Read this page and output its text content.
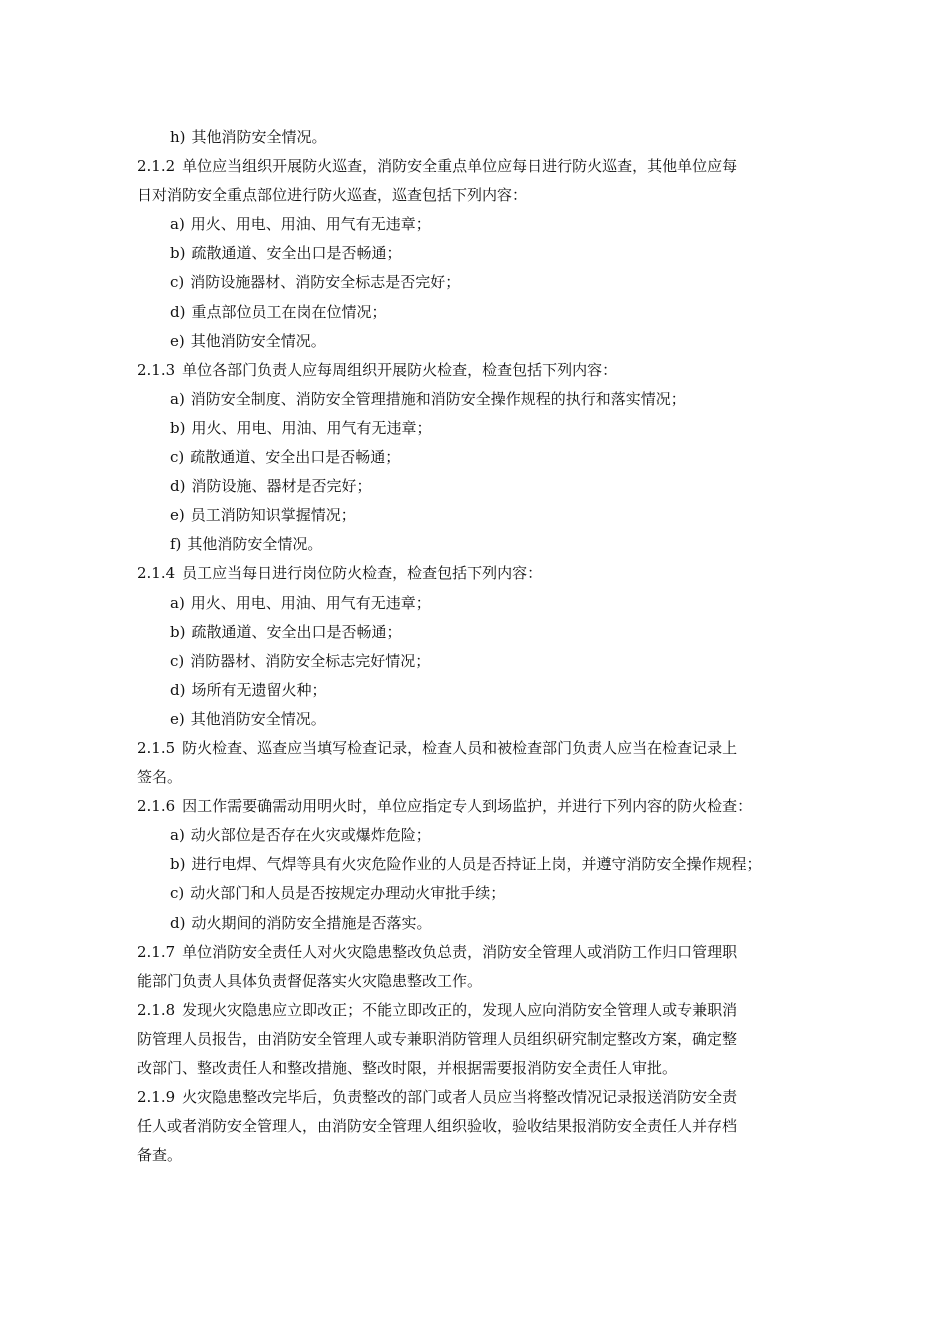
h) 其他消防安全情况。
2.1.2 单位应当组织开展防火巡查，消防安全重点单位应每日进行防火巡查，其他单位应每
日对消防安全重点部位进行防火巡查，巡查包括下列内容：
a) 用火、用电、用油、用气有无违章；
b) 疏散通道、安全出口是否畅通；
c) 消防设施器材、消防安全标志是否完好；
d) 重点部位员工在岗在位情况；
e) 其他消防安全情况。
2.1.3 单位各部门负责人应每周组织开展防火检查，检查包括下列内容：
a) 消防安全制度、消防安全管理措施和消防安全操作规程的执行和落实情况；
b) 用火、用电、用油、用气有无违章；
c) 疏散通道、安全出口是否畅通；
d) 消防设施、器材是否完好；
e) 员工消防知识掌握情况；
f) 其他消防安全情况。
2.1.4 员工应当每日进行岗位防火检查，检查包括下列内容：
a) 用火、用电、用油、用气有无违章；
b) 疏散通道、安全出口是否畅通；
c) 消防器材、消防安全标志完好情况；
d) 场所有无遗留火种；
e) 其他消防安全情况。
2.1.5 防火检查、巡查应当填写检查记录，检查人员和被检查部门负责人应当在检查记录上
签名。
2.1.6 因工作需要确需动用明火时，单位应指定专人到场监护，并进行下列内容的防火检查：
a) 动火部位是否存在火灾或爆炸危险；
b) 进行电焊、气焊等具有火灾危险作业的人员是否持证上岗，并遵守消防安全操作规程；
c) 动火部门和人员是否按规定办理动火审批手续；
d) 动火期间的消防安全措施是否落实。
2.1.7 单位消防安全责任人对火灾隐患整改负总责，消防安全管理人或消防工作归口管理职
能部门负责人具体负责督促落实火灾隐患整改工作。
2.1.8 发现火灾隐患应立即改正；不能立即改正的，发现人应向消防安全管理人或专兼职消
防管理人员报告，由消防安全管理人或专兼职消防管理人员组织研究制定整改方案，确定整
改部门、整改责任人和整改措施、整改时限，并根据需要报消防安全责任人审批。
2.1.9 火灾隐患整改完毕后，负责整改的部门或者人员应当将整改情况记录报送消防安全责
任人或者消防安全管理人，由消防安全管理人组织验收，验收结果报消防安全责任人并存档
备查。
